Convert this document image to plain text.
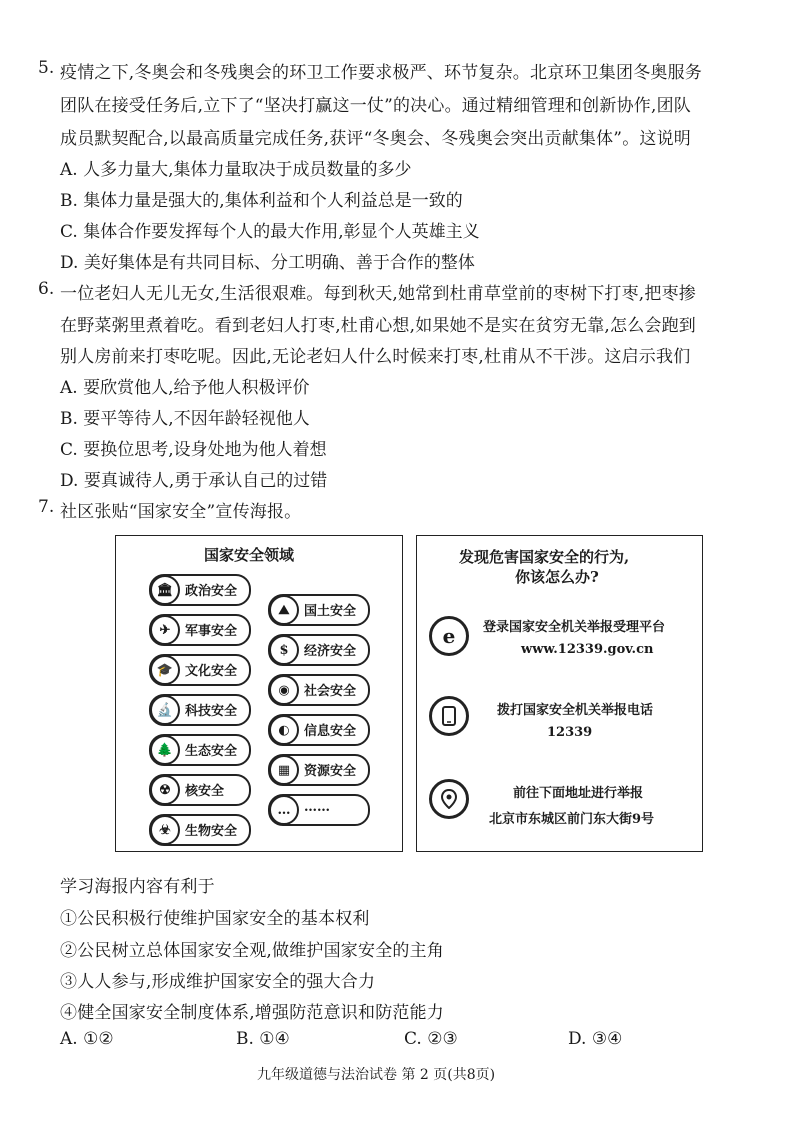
5. 疫情之下,冬奥会和冬残奥会的环卫工作要求极严、环节复杂。北京环卫集团冬奥服务
团队在接受任务后,立下了“坚决打赢这一仗”的决心。通过精细管理和创新协作,团队
成员默契配合,以最高质量完成任务,获评“冬奥会、冬残奥会突出贡献集体”。这说明
A. 人多力量大,集体力量取决于成员数量的多少
B. 集体力量是强大的,集体利益和个人利益总是一致的
C. 集体合作要发挥每个人的最大作用,彰显个人英雄主义
D. 美好集体是有共同目标、分工明确、善于合作的整体
6. 一位老妇人无儿无女,生活很艰难。每到秋天,她常到杜甫草堂前的枣树下打枣,把枣掺
在野菜粥里煮着吃。看到老妇人打枣,杜甫心想,如果她不是实在贫穷无靠,怎么会跑到
别人房前来打枣吃呢。因此,无论老妇人什么时候来打枣,杜甫从不干涉。这启示我们
A. 要欣赏他人,给予他人积极评价
B. 要平等待人,不因年龄轻视他人
C. 要换位思考,设身处地为他人着想
D. 要真诚待人,勇于承认自己的过错
7. 社区张贴“国家安全”宣传海报。
国家安全领域
🏛 政治安全
✈	军事安全
🎓 文化安全
🔬 科技安全
🌲 生态安全
☢	核安全
☣	生物安全
⛰	国土安全
$	经济安全
◉	社会安全
◐	信息安全
▦	资源安全
…	……
发现危害国家安全的行为,
你该怎么办?
e	登录国家安全机关举报受理平台
www.12339.gov.cn
拨打国家安全机关举报电话
12339
前往下面地址进行举报
北京市东城区前门东大街9号
学习海报内容有利于
①公民积极行使维护国家安全的基本权利
②公民树立总体国家安全观,做维护国家安全的主角
③人人参与,形成维护国家安全的强大合力
④健全国家安全制度体系,增强防范意识和防范能力
A. ①②	B. ①④	C. ②③	D. ③④
九年级道德与法治试卷 第 2 页(共8页)
